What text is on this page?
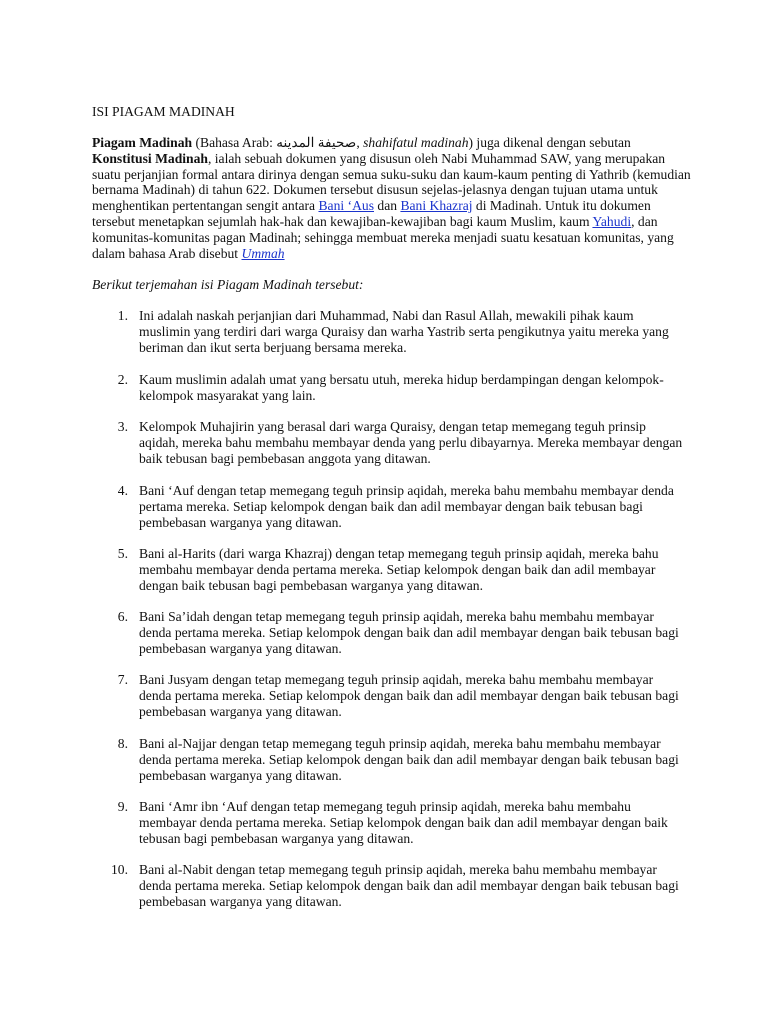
ISI PIAGAM MADINAH

Piagam Madinah (Bahasa Arab: صحيفة المدينه, shahifatul madinah) juga dikenal dengan sebutan Konstitusi Madinah, ialah sebuah dokumen yang disusun oleh Nabi Muhammad SAW, yang merupakan suatu perjanjian formal antara dirinya dengan semua suku-suku dan kaum-kaum penting di Yathrib (kemudian bernama Madinah) di tahun 622. Dokumen tersebut disusun sejelas-jelasnya dengan tujuan utama untuk menghentikan pertentangan sengit antara Bani ‘Aus dan Bani Khazraj di Madinah. Untuk itu dokumen tersebut menetapkan sejumlah hak-hak dan kewajiban-kewajiban bagi kaum Muslim, kaum Yahudi, dan komunitas-komunitas pagan Madinah; sehingga membuat mereka menjadi suatu kesatuan komunitas, yang dalam bahasa Arab disebut Ummah

Berikut terjemahan isi Piagam Madinah tersebut:

1. Ini adalah naskah perjanjian dari Muhammad, Nabi dan Rasul Allah, mewakili pihak kaum muslimin yang terdiri dari warga Quraisy dan warha Yastrib serta pengikutnya yaitu mereka yang beriman dan ikut serta berjuang bersama mereka.
2. Kaum muslimin adalah umat yang bersatu utuh, mereka hidup berdampingan dengan kelompok-kelompok masyarakat yang lain.
3. Kelompok Muhajirin yang berasal dari warga Quraisy, dengan tetap memegang teguh prinsip aqidah, mereka bahu membahu membayar denda yang perlu dibayarnya. Mereka membayar dengan baik tebusan bagi pembebasan anggota yang ditawan.
4. Bani ‘Auf dengan tetap memegang teguh prinsip aqidah, mereka bahu membahu membayar denda pertama mereka. Setiap kelompok dengan baik dan adil membayar dengan baik tebusan bagi pembebasan warganya yang ditawan.
5. Bani al-Harits (dari warga Khazraj) dengan tetap memegang teguh prinsip aqidah, mereka bahu membahu membayar denda pertama mereka. Setiap kelompok dengan baik dan adil membayar dengan baik tebusan bagi pembebasan warganya yang ditawan.
6. Bani Sa’idah dengan tetap memegang teguh prinsip aqidah, mereka bahu membahu membayar denda pertama mereka. Setiap kelompok dengan baik dan adil membayar dengan baik tebusan bagi pembebasan warganya yang ditawan.
7. Bani Jusyam dengan tetap memegang teguh prinsip aqidah, mereka bahu membahu membayar denda pertama mereka. Setiap kelompok dengan baik dan adil membayar dengan baik tebusan bagi pembebasan warganya yang ditawan.
8. Bani al-Najjar dengan tetap memegang teguh prinsip aqidah, mereka bahu membahu membayar denda pertama mereka. Setiap kelompok dengan baik dan adil membayar dengan baik tebusan bagi pembebasan warganya yang ditawan.
9. Bani ‘Amr ibn ‘Auf dengan tetap memegang teguh prinsip aqidah, mereka bahu membahu membayar denda pertama mereka. Setiap kelompok dengan baik dan adil membayar dengan baik tebusan bagi pembebasan warganya yang ditawan.
10. Bani al-Nabit dengan tetap memegang teguh prinsip aqidah, mereka bahu membahu membayar denda pertama mereka. Setiap kelompok dengan baik dan adil membayar dengan baik tebusan bagi pembebasan warganya yang ditawan.
